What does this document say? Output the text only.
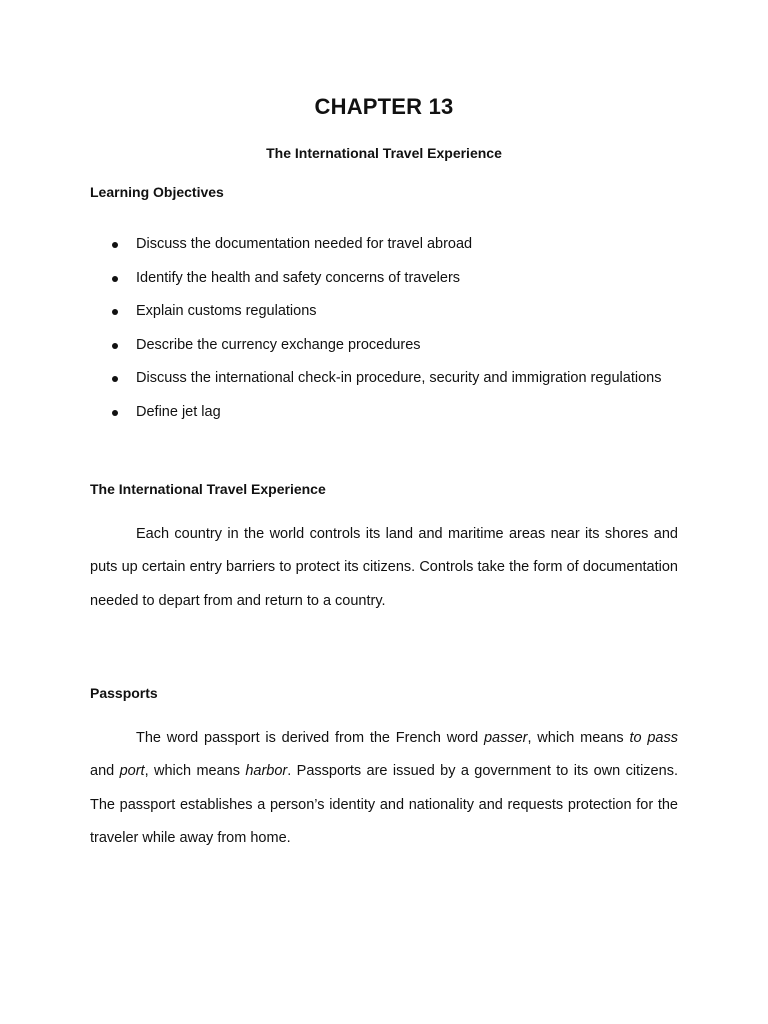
CHAPTER 13
The International Travel Experience
Learning Objectives
Discuss the documentation needed for travel abroad
Identify the health and safety concerns of travelers
Explain customs regulations
Describe the currency exchange procedures
Discuss the international check-in procedure, security and immigration regulations
Define jet lag
The International Travel Experience

Each country in the world controls its land and maritime areas near its shores and puts up certain entry barriers to protect its citizens. Controls take the form of documentation needed to depart from and return to a country.

Passports

The word passport is derived from the French word passer, which means to pass and port, which means harbor. Passports are issued by a government to its own citizens. The passport establishes a person’s identity and nationality and requests protection for the traveler while away from home.
